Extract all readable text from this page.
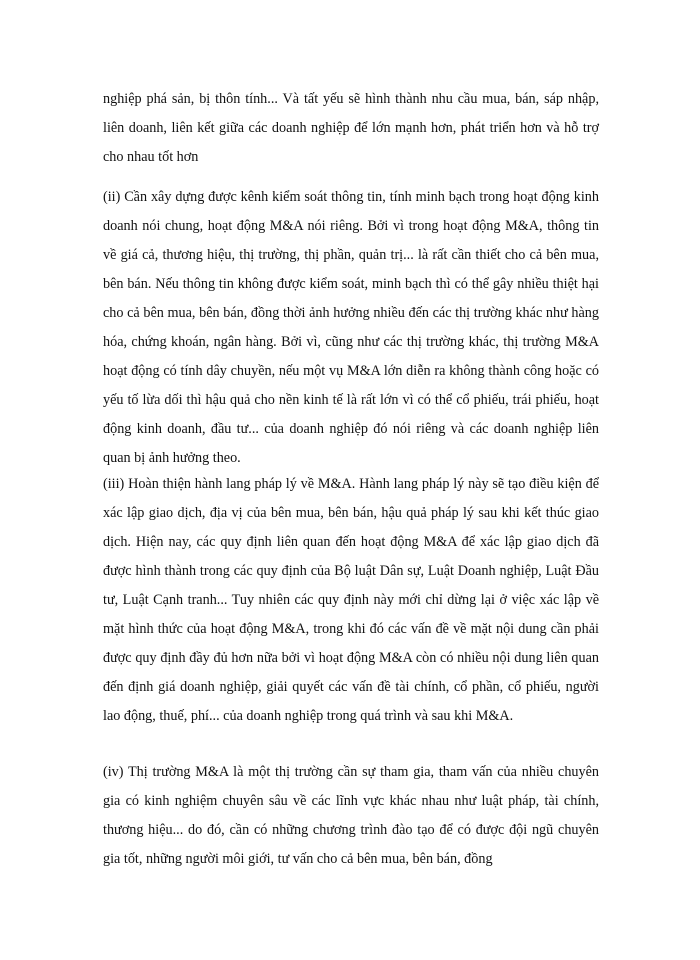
nghiệp phá sản, bị thôn tính... Và tất yếu sẽ hình thành nhu cầu mua, bán, sáp nhập, liên doanh, liên kết giữa các doanh nghiệp để lớn mạnh hơn, phát triển hơn và hỗ trợ cho nhau tốt hơn

(ii) Cần xây dựng được kênh kiểm soát thông tin, tính minh bạch trong hoạt động kinh doanh nói chung, hoạt động M&A nói riêng. Bởi vì trong hoạt động M&A, thông tin về giá cả, thương hiệu, thị trường, thị phần, quản trị... là rất cần thiết cho cả bên mua, bên bán. Nếu thông tin không được kiểm soát, minh bạch thì có thể gây nhiều thiệt hại cho cả bên mua, bên bán, đồng thời ảnh hưởng nhiều đến các thị trường khác như hàng hóa, chứng khoán, ngân hàng. Bởi vì, cũng như các thị trường khác, thị trường M&A hoạt động có tính dây chuyền, nếu một vụ M&A lớn diễn ra không thành công hoặc có yếu tố lừa dối thì hậu quả cho nền kinh tế là rất lớn vì có thể cổ phiếu, trái phiếu, hoạt động kinh doanh, đầu tư... của doanh nghiệp đó nói riêng và các doanh nghiệp liên quan bị ảnh hưởng theo.

(iii) Hoàn thiện hành lang pháp lý về M&A. Hành lang pháp lý này sẽ tạo điều kiện để xác lập giao dịch, địa vị của bên mua, bên bán, hậu quả pháp lý sau khi kết thúc giao dịch. Hiện nay, các quy định liên quan đến hoạt động M&A để xác lập giao dịch đã được hình thành trong các quy định của Bộ luật Dân sự, Luật Doanh nghiệp, Luật Đầu tư, Luật Cạnh tranh... Tuy nhiên các quy định này mới chỉ dừng lại ở việc xác lập về mặt hình thức của hoạt động M&A, trong khi đó các vấn đề về mặt nội dung cần phải được quy định đầy đủ hơn nữa bởi vì hoạt động M&A còn có nhiều nội dung liên quan đến định giá doanh nghiệp, giải quyết các vấn đề tài chính, cổ phần, cổ phiếu, người lao động, thuế, phí... của doanh nghiệp trong quá trình và sau khi M&A.

(iv) Thị trường M&A là một thị trường cần sự tham gia, tham vấn của nhiều chuyên gia có kinh nghiệm chuyên sâu về các lĩnh vực khác nhau như luật pháp, tài chính, thương hiệu... do đó, cần có những chương trình đào tạo để có được đội ngũ chuyên gia tốt, những người môi giới, tư vấn cho cả bên mua, bên bán, đồng
